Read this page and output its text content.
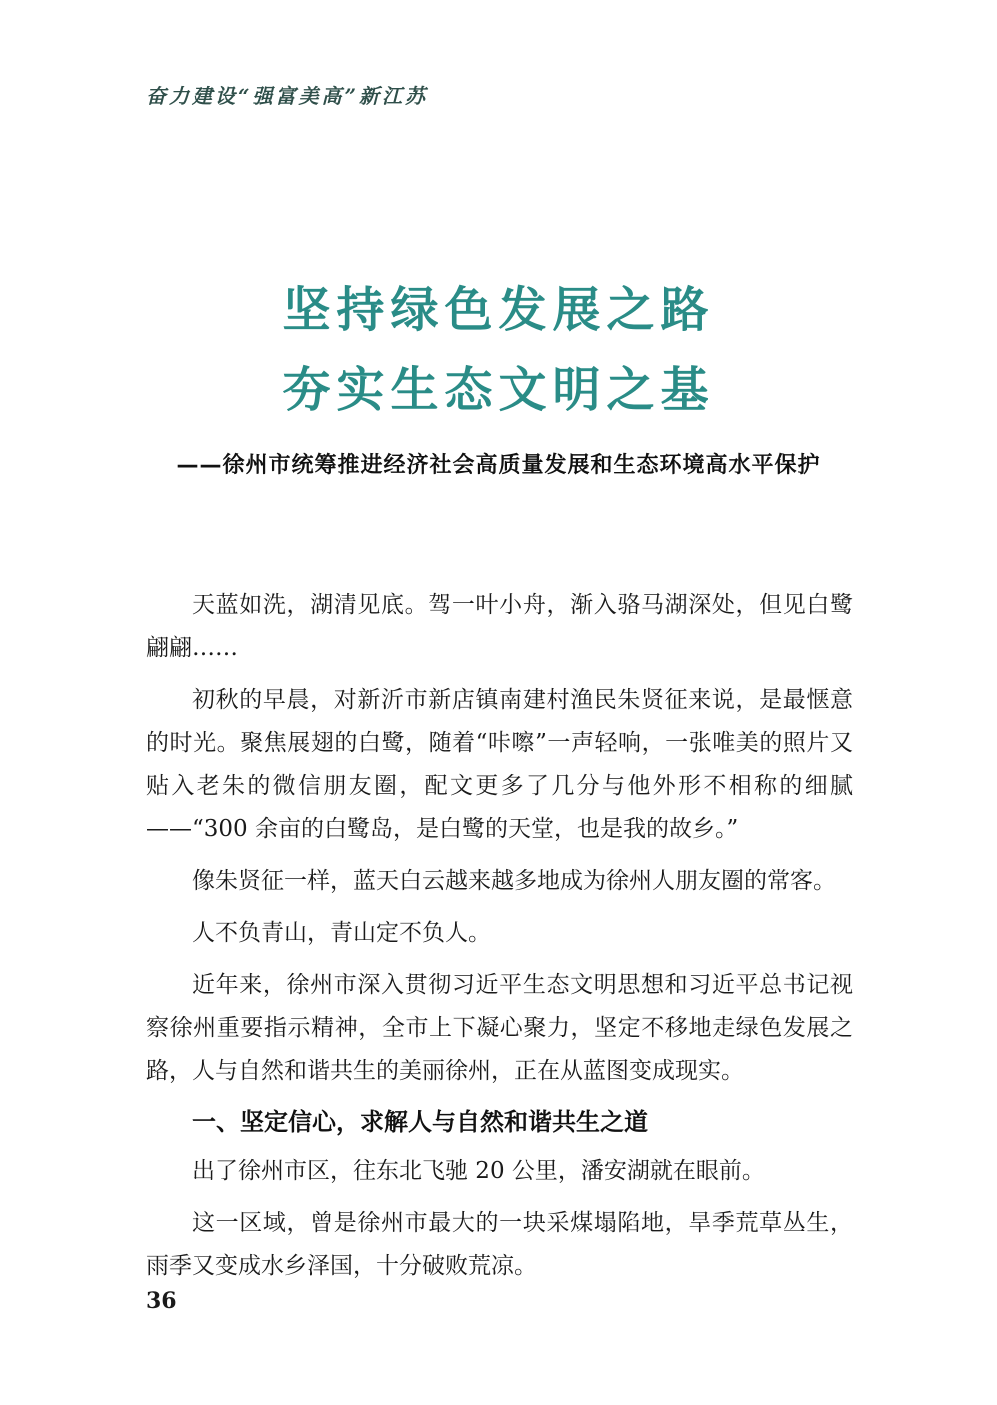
奋力建设“强富美高”新江苏

坚持绿色发展之路

夯实生态文明之基

——徐州市统筹推进经济社会高质量发展和生态环境高水平保护

天蓝如洗，湖清见底。驾一叶小舟，渐入骆马湖深处，但见白鹭翩翩……

初秋的早晨，对新沂市新店镇南建村渔民朱贤征来说，是最惬意的时光。聚焦展翅的白鹭，随着“咔嚓”一声轻响，一张唯美的照片又贴入老朱的微信朋友圈，配文更多了几分与他外形不相称的细腻——“300 余亩的白鹭岛，是白鹭的天堂，也是我的故乡。”

像朱贤征一样，蓝天白云越来越多地成为徐州人朋友圈的常客。

人不负青山，青山定不负人。

近年来，徐州市深入贯彻习近平生态文明思想和习近平总书记视察徐州重要指示精神，全市上下凝心聚力，坚定不移地走绿色发展之路，人与自然和谐共生的美丽徐州，正在从蓝图变成现实。

一、坚定信心，求解人与自然和谐共生之道

出了徐州市区，往东北飞驰 20 公里，潘安湖就在眼前。

这一区域，曾是徐州市最大的一块采煤塌陷地，旱季荒草丛生，雨季又变成水乡泽国，十分破败荒凉。

36
